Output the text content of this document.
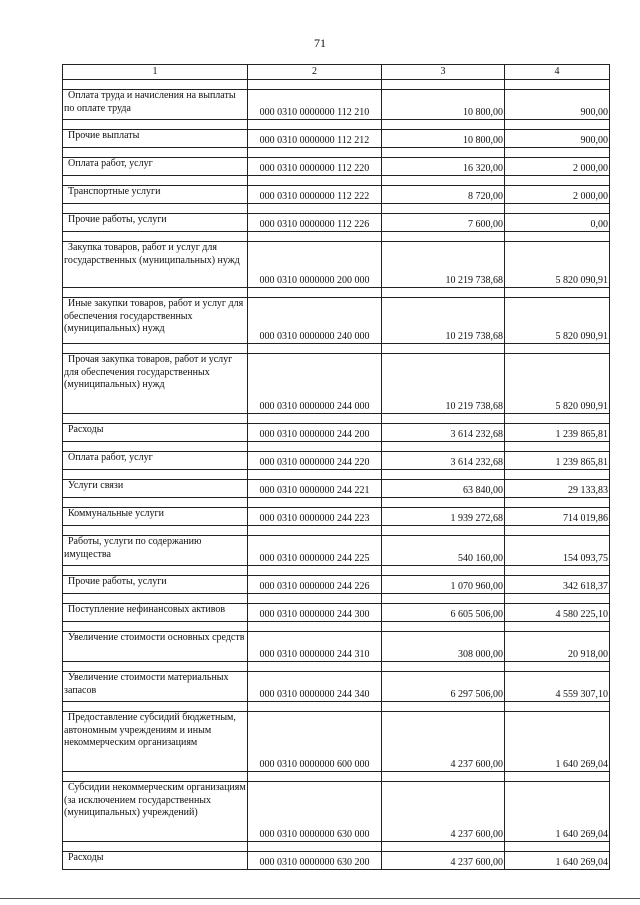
71
1	2	3	4

Оплата труда и начисления на выплаты по оплате труда	000 0310 0000000 112 210	10 800,00	900,00

Прочие выплаты	000 0310 0000000 112 212	10 800,00	900,00

Оплата работ, услуг	000 0310 0000000 112 220	16 320,00	2 000,00

Транспортные услуги	000 0310 0000000 112 222	8 720,00	2 000,00

Прочие работы, услуги	000 0310 0000000 112 226	7 600,00	0,00

Закупка товаров, работ и услуг для государственных (муниципальных) нужд	000 0310 0000000 200 000	10 219 738,68	5 820 090,91

Иные закупки товаров, работ и услуг для обеспечения государственных (муниципальных) нужд	000 0310 0000000 240 000	10 219 738,68	5 820 090,91

Прочая закупка товаров, работ и услуг для обеспечения государственных (муниципальных) нужд	000 0310 0000000 244 000	10 219 738,68	5 820 090,91

Расходы	000 0310 0000000 244 200	3 614 232,68	1 239 865,81

Оплата работ, услуг	000 0310 0000000 244 220	3 614 232,68	1 239 865,81

Услуги связи	000 0310 0000000 244 221	63 840,00	29 133,83

Коммунальные услуги	000 0310 0000000 244 223	1 939 272,68	714 019,86

Работы, услуги по содержанию имущества	000 0310 0000000 244 225	540 160,00	154 093,75

Прочие работы, услуги	000 0310 0000000 244 226	1 070 960,00	342 618,37

Поступление нефинансовых активов	000 0310 0000000 244 300	6 605 506,00	4 580 225,10

Увеличение стоимости основных средств	000 0310 0000000 244 310	308 000,00	20 918,00

Увеличение стоимости материальных запасов	000 0310 0000000 244 340	6 297 506,00	4 559 307,10

Предоставление субсидий бюджетным, автономным учреждениям и иным некоммерческим организациям	000 0310 0000000 600 000	4 237 600,00	1 640 269,04

Субсидии некоммерческим организациям (за исключением государственных (муниципальных) учреждений)	000 0310 0000000 630 000	4 237 600,00	1 640 269,04

Расходы	000 0310 0000000 630 200	4 237 600,00	1 640 269,04
